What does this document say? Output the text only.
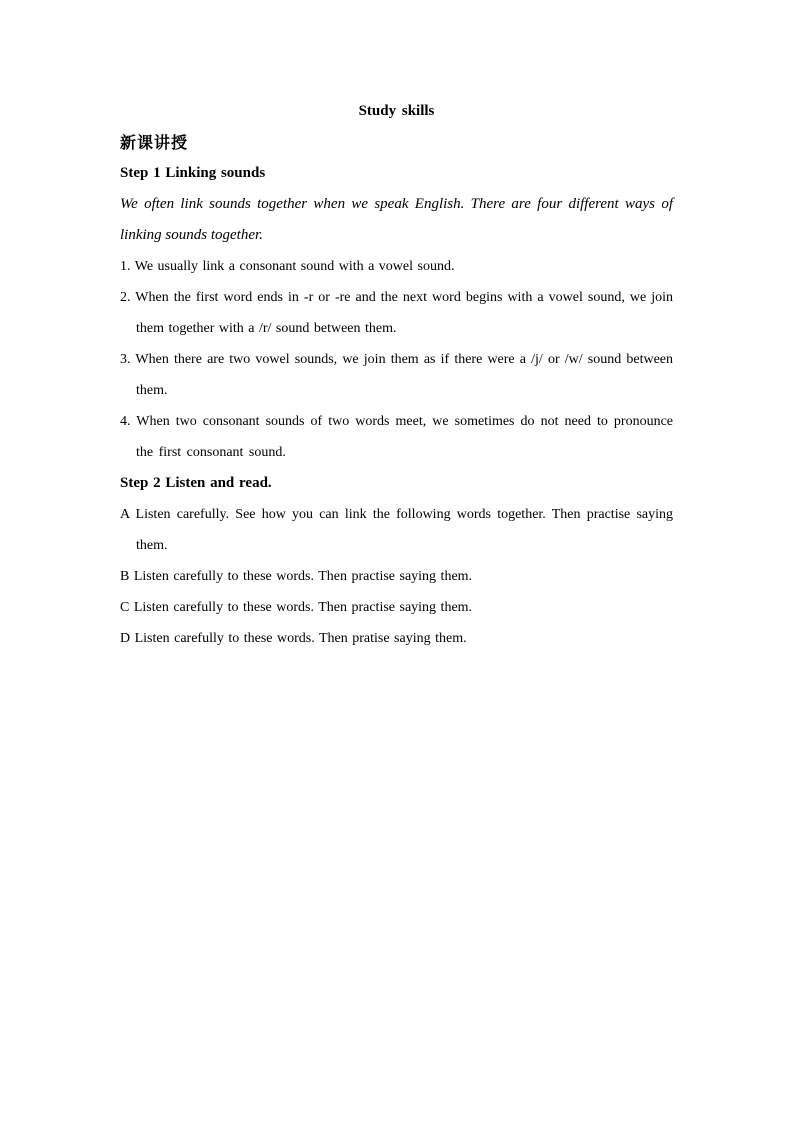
Study skills
新课讲授
Step 1 Linking sounds
We often link sounds together when we speak English. There are four different ways of linking sounds together.
1. We usually link a consonant sound with a vowel sound.
2. When the first word ends in -r or -re and the next word begins with a vowel sound, we join them together with a /r/ sound between them.
3. When there are two vowel sounds, we join them as if there were a /j/ or /w/ sound between them.
4. When two consonant sounds of two words meet, we sometimes do not need to pronounce the first consonant sound.
Step 2 Listen and read.
A Listen carefully. See how you can link the following words together. Then practise saying them.
B Listen carefully to these words. Then practise saying them.
C Listen carefully to these words. Then practise saying them.
D Listen carefully to these words. Then pratise saying them.
